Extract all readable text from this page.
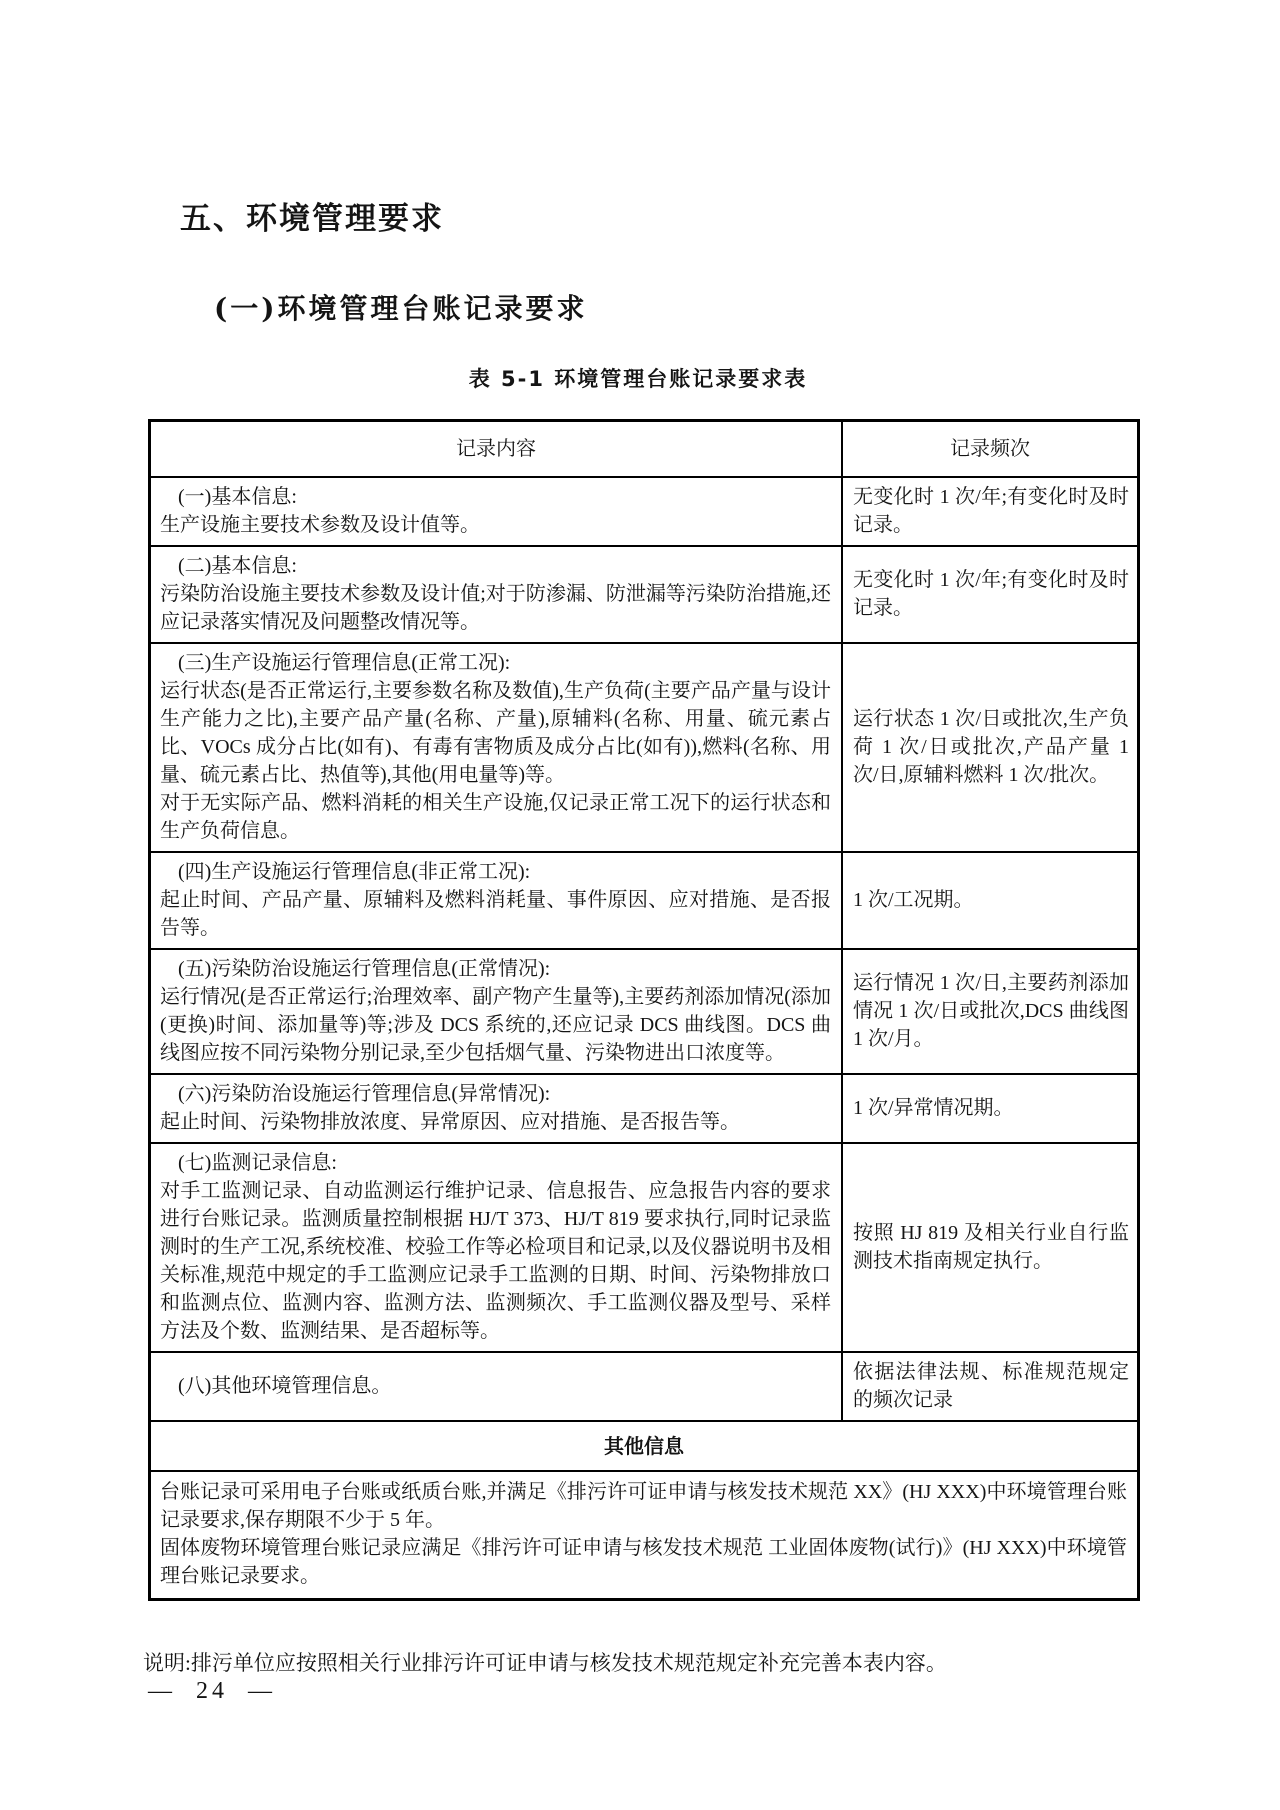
五、环境管理要求
(一)环境管理台账记录要求
表 5-1 环境管理台账记录要求表
记录内容	记录频次

(一)基本信息:
生产设施主要技术参数及设计值等。	无变化时 1 次/年;有变化时及时记录。

(二)基本信息:
污染防治设施主要技术参数及设计值;对于防渗漏、防泄漏等污染防治措施,还应记录落实情况及问题整改情况等。	无变化时 1 次/年;有变化时及时记录。

(三)生产设施运行管理信息(正常工况):
运行状态(是否正常运行,主要参数名称及数值),生产负荷(主要产品产量与设计生产能力之比),主要产品产量(名称、产量),原辅料(名称、用量、硫元素占比、VOCs 成分占比(如有)、有毒有害物质及成分占比(如有)),燃料(名称、用量、硫元素占比、热值等),其他(用电量等)等。
对于无实际产品、燃料消耗的相关生产设施,仅记录正常工况下的运行状态和生产负荷信息。	运行状态 1 次/日或批次,生产负荷 1 次/日或批次,产品产量 1 次/日,原辅料燃料 1 次/批次。

(四)生产设施运行管理信息(非正常工况):
起止时间、产品产量、原辅料及燃料消耗量、事件原因、应对措施、是否报告等。	1 次/工况期。

(五)污染防治设施运行管理信息(正常情况):
运行情况(是否正常运行;治理效率、副产物产生量等),主要药剂添加情况(添加(更换)时间、添加量等)等;涉及 DCS 系统的,还应记录 DCS 曲线图。DCS 曲线图应按不同污染物分别记录,至少包括烟气量、污染物进出口浓度等。	运行情况 1 次/日,主要药剂添加情况 1 次/日或批次,DCS 曲线图 1 次/月。

(六)污染防治设施运行管理信息(异常情况):
起止时间、污染物排放浓度、异常原因、应对措施、是否报告等。	1 次/异常情况期。

(七)监测记录信息:
对手工监测记录、自动监测运行维护记录、信息报告、应急报告内容的要求进行台账记录。监测质量控制根据 HJ/T 373、HJ/T 819 要求执行,同时记录监测时的生产工况,系统校准、校验工作等必检项目和记录,以及仪器说明书及相关标准,规范中规定的手工监测应记录手工监测的日期、时间、污染物排放口和监测点位、监测内容、监测方法、监测频次、手工监测仪器及型号、采样方法及个数、监测结果、是否超标等。	按照 HJ 819 及相关行业自行监测技术指南规定执行。

(八)其他环境管理信息。	依据法律法规、标准规范规定的频次记录
其他信息	

台账记录可采用电子台账或纸质台账,并满足《排污许可证申请与核发技术规范 XX》(HJ XXX)中环境管理台账记录要求,保存期限不少于 5 年。
固体废物环境管理台账记录应满足《排污许可证申请与核发技术规范 工业固体废物(试行)》(HJ XXX)中环境管理台账记录要求。	
说明:排污单位应按照相关行业排污许可证申请与核发技术规范规定补充完善本表内容。
—  24  —
